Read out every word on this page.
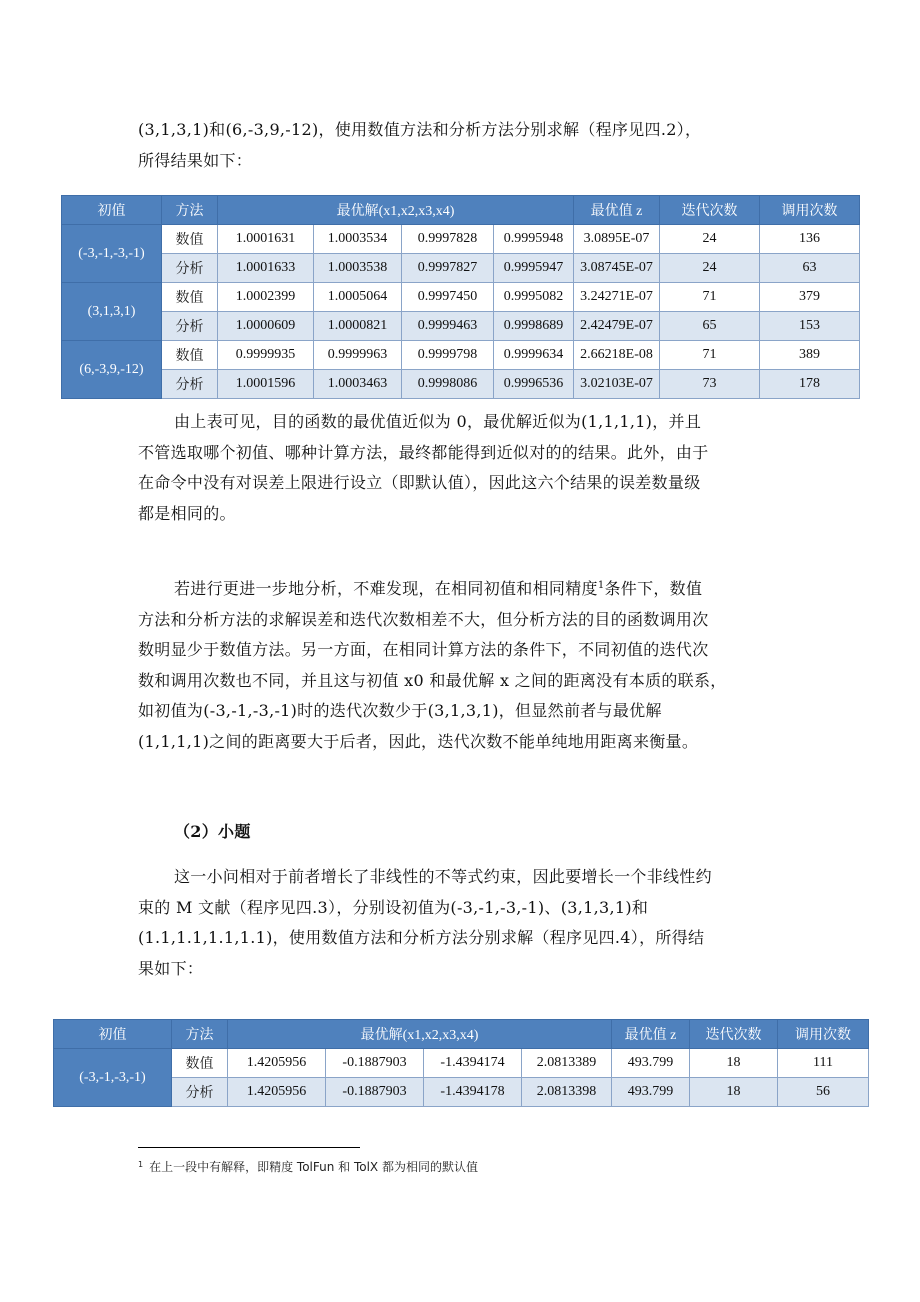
(3,1,3,1)和(6,-3,9,-12)，使用数值方法和分析方法分别求解（程序见四.2），
所得结果如下：
初值	方法	最优解(x1,x2,x3,x4)				最优值 z	迭代次数	调用次数
(-3,-1,-3,-1)	数值	1.0001631	1.0003534	0.9997828	0.9995948	3.0895E-07	24	136
	分析	1.0001633	1.0003538	0.9997827	0.9995947	3.08745E-07	24	63
(3,1,3,1)	数值	1.0002399	1.0005064	0.9997450	0.9995082	3.24271E-07	71	379
	分析	1.0000609	1.0000821	0.9999463	0.9998689	2.42479E-07	65	153
(6,-3,9,-12)	数值	0.9999935	0.9999963	0.9999798	0.9999634	2.66218E-08	71	389
	分析	1.0001596	1.0003463	0.9998086	0.9996536	3.02103E-07	73	178
由上表可见，目的函数的最优值近似为 0，最优解近似为(1,1,1,1)，并且
不管选取哪个初值、哪种计算方法，最终都能得到近似对的的结果。此外，由于
在命令中没有对误差上限进行设立（即默认值），因此这六个结果的误差数量级
都是相同的。
若进行更进一步地分析，不难发现，在相同初值和相同精度$^1$条件下，数值
方法和分析方法的求解误差和迭代次数相差不大，但分析方法的目的函数调用次
数明显少于数值方法。另一方面，在相同计算方法的条件下，不同初值的迭代次
数和调用次数也不同，并且这与初值 x0 和最优解 x 之间的距离没有本质的联系，
如初值为(-3,-1,-3,-1)时的迭代次数少于(3,1,3,1)，但显然前者与最优解
(1,1,1,1)之间的距离要大于后者，因此，迭代次数不能单纯地用距离来衡量。
（2）小题
这一小问相对于前者增长了非线性的不等式约束，因此要增长一个非线性约
束的 M 文献（程序见四.3），分别设初值为(-3,-1,-3,-1)、(3,1,3,1)和
(1.1,1.1,1.1,1.1)，使用数值方法和分析方法分别求解（程序见四.4），所得结
果如下：
初值	方法	最优解(x1,x2,x3,x4)				最优值 z	迭代次数	调用次数
(-3,-1,-3,-1)	数值	1.4205956	-0.1887903	-1.4394174	2.0813389	493.799	18	111
	分析	1.4205956	-0.1887903	-1.4394178	2.0813398	493.799	18	56
$^1$ 在上一段中有解释，即精度 TolFun 和 TolX 都为相同的默认值
